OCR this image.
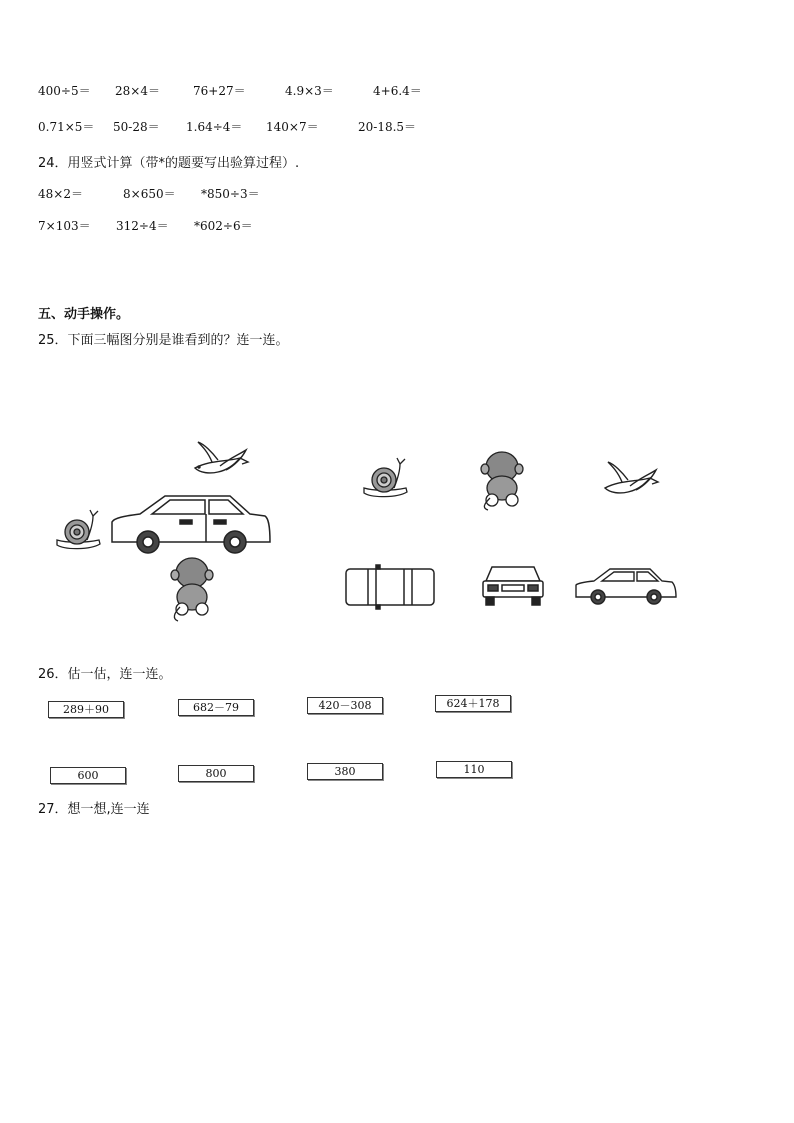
400÷5＝ 28×4＝	76+27＝	4.9×3＝	4+6.4＝
0.71×5＝ 50-28＝ 1.64÷4＝ 140×7＝	20-18.5＝
24．用竖式计算（带*的题要写出验算过程）.
48×2＝	8×650＝ *850÷3＝
7×103＝ 312÷4＝ *602÷6＝
五、动手操作。
25．下面三幅图分别是谁看到的？连一连。
26．估一估，连一连。
289＋90	682－79	420－308	624＋178
600	800	380	110
27．想一想,连一连
